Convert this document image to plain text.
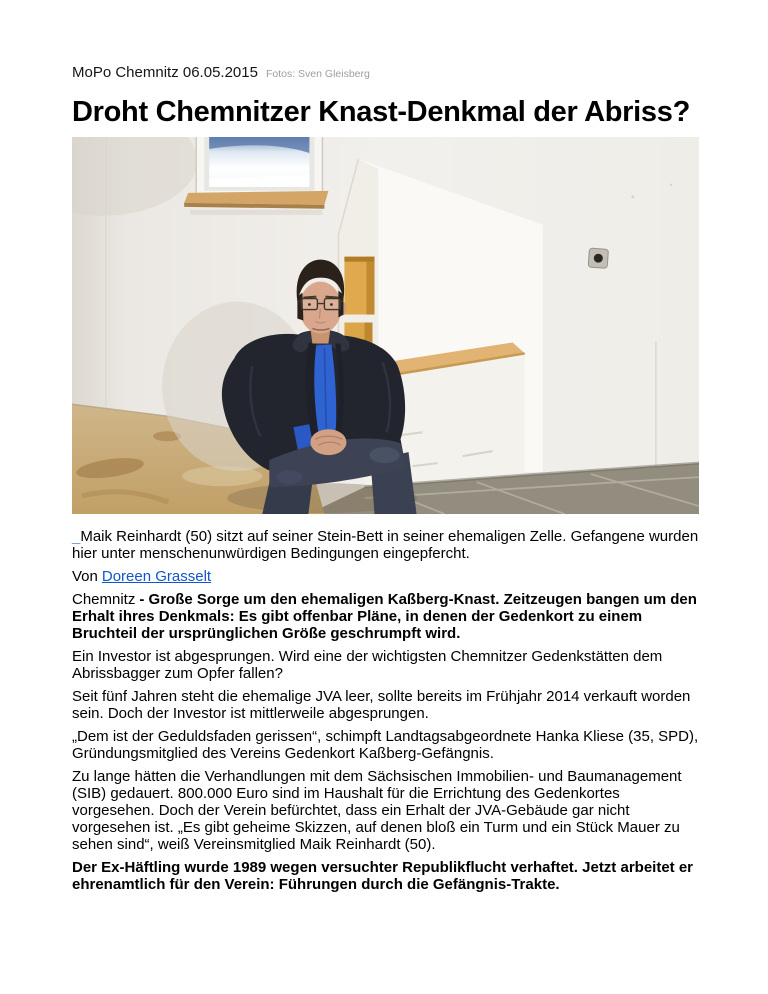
MoPo Chemnitz 06.05.2015 Fotos: Sven Gleisberg
Droht Chemnitzer Knast-Denkmal der Abriss?

_Maik Reinhardt (50) sitzt auf seiner Stein-Bett in seiner ehemaligen Zelle. Gefangene wurden hier unter menschenunwürdigen Bedingungen eingepfercht.

Von Doreen Grasselt

Chemnitz - Große Sorge um den ehemaligen Kaßberg-Knast. Zeitzeugen bangen um den Erhalt ihres Denkmals: Es gibt offenbar Pläne, in denen der Gedenkort zu einem Bruchteil der ursprünglichen Größe geschrumpft wird.

Ein Investor ist abgesprungen. Wird eine der wichtigsten Chemnitzer Gedenkstätten dem Abrissbagger zum Opfer fallen?

Seit fünf Jahren steht die ehemalige JVA leer, sollte bereits im Frühjahr 2014 verkauft worden sein. Doch der Investor ist mittlerweile abgesprungen.

„Dem ist der Geduldsfaden gerissen“, schimpft Landtagsabgeordnete Hanka Kliese (35, SPD), Gründungsmitglied des Vereins Gedenkort Kaßberg-Gefängnis.

Zu lange hätten die Verhandlungen mit dem Sächsischen Immobilien- und Baumanagement (SIB) gedauert. 800.000 Euro sind im Haushalt für die Errichtung des Gedenkortes vorgesehen. Doch der Verein befürchtet, dass ein Erhalt der JVA-Gebäude gar nicht vorgesehen ist. „Es gibt geheime Skizzen, auf denen bloß ein Turm und ein Stück Mauer zu sehen sind“, weiß Vereinsmitglied Maik Reinhardt (50).

Der Ex-Häftling wurde 1989 wegen versuchter Republikflucht verhaftet. Jetzt arbeitet er ehrenamtlich für den Verein: Führungen durch die Gefängnis-Trakte.
